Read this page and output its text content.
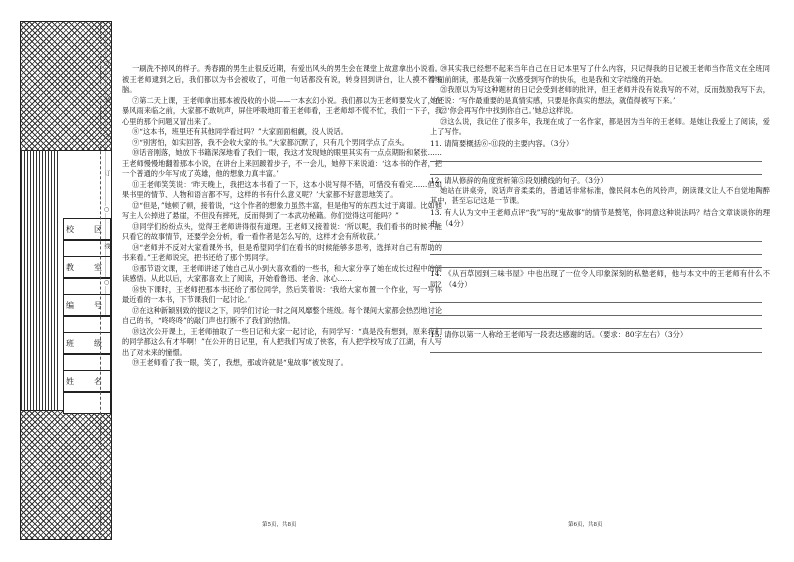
校　区
教　室
编　号
班　级
姓　名
……………○……………装……………○……………订……………○……………线……………○……………	一刷洗不掉风的样子。秀春跟的男生止很反近期，有爱出风头的男生会在课堂上故意拿出小说看。被王老师逮到之后，我们都以为书会被收了，可他一句话都没有说，转身回到讲台，让人摸不着头脑。

⑦第二天上课，王老师拿出那本被没收的小说——一本玄幻小说。我们都以为王老师要发火了，在暴风雨来临之前，大家都不敢吭声，屏住呼吸地盯着王老师看，王老师却不慌不忙，我们一下子，我心里的那个问题又冒出来了。

⑧“这本书，班里还有其他同学看过吗？”大家面面相觑，没人说话。

⑨“别害怕，如实回答，我不会收大家的书。”大家都沉默了，只有几个男同学点了点头。

⑩话音刚落，她放下书籍深深地看了我们一眼，我这才发现她的眼里其实有一点点期盼和紧张……王老师慢慢地翻着那本小说，在讲台上来回踱着步子，不一会儿，她停下来说道：‘这本书的作者，把一个普通的少年写成了英雄，他的想象力真丰富。’

⑪王老师笑笑说：‘昨天晚上，我把这本书看了一下，这本小说写得不错，可惜没有看完……但如果书里的情节、人物和语言都不写，这样的书有什么意义呢？’大家都不好意思地笑了。

⑫“但是，”她顿了顿，接着说，“这个作者的想象力虽然丰富，但是他写的东西太过于离谱。比如他写主人公掉进了悬崖，不但没有摔死，反而得到了一本武功秘籍。你们觉得这可能吗？”

⑬同学们纷纷点头，觉得王老师讲得很有道理。王老师又接着说：‘所以呢，我们看书的时候不能只看它的故事情节，还要学会分析，看一看作者是怎么写的，这样才会有所收获。’

⑭“老师并不反对大家看课外书，但是希望同学们在看书的时候能够多思考，选择对自己有帮助的书来看。”王老师说完，把书还给了那个男同学。

⑮那节语文课，王老师讲述了她自己从小到大喜欢看的一些书，和大家分享了她在成长过程中的阅读感悟。从此以后，大家都喜欢上了阅读，开始看鲁迅、老舍、冰心……

⑯快下课时，王老师把那本书还给了那位同学，然后笑着说：‘我给大家布置一个作业，写一写你最近看的一本书，下节课我们一起讨论。’

⑰在这种新颖别致的提议之下，同学们讨论一时之间风靡整个班级。每个课间大家都会热烈地讨论自己的书，“咚咚咚”的敲门声也打断不了我们的热情。

⑱这次公开课上，王老师抽取了一些日记和大家一起讨论，有同学写：“真是没有想到，原来我们的同学都这么有才华啊！”在公开的日记里，有人把我们写成了侠客，有人把学校写成了江湖，有人写出了对未来的憧憬。

⑲王老师看了我一眼，笑了，我想，那或许就是“鬼故事”被发现了。

⑳其实我已经想不起来当年自己在日记本里写了什么内容，只记得我的日记被王老师当作范文在全班同学面前朗读，那是我第一次感受到写作的快乐，也是我和文字结缘的开始。

㉑我原以为写这种题材的日记会受到老师的批评，但王老师并没有说我写的不对，反而鼓励我写下去，她还说：‘写作最重要的是真情实感，只要是你真实的想法，就值得被写下来。’

㉒‘你会再写作中找到你自己。’她总这样说。

㉓这么说，我记住了很多年，我现在成了一名作家，都是因为当年的王老师。是她让我爱上了阅读，爱上了写作。

11. 请简要概括⑥-⑪段的主要内容。（3分）

12. 请从修辞的角度赏析第⑤段划横线的句子。（3分）

她站在讲桌旁，说话声音柔柔的，普通话非常标准，像民间本色的风铃声，朗读课文让人不自觉地陶醉其中，甚至忘记这是一节课。

13. 有人认为文中王老师点评“我”写的“鬼故事”的情节是赘笔，你同意这种说法吗？结合文章谈谈你的理由。（4分）

14. 《从百草园到三味书屋》中也出现了一位令人印象深刻的私塾老师，他与本文中的王老师有什么不同？（4分）

15. 请你以第一人称给王老师写一段表达感谢的话。（要求：80字左右）（3分）

第5页，共8页	第6页，共8页
